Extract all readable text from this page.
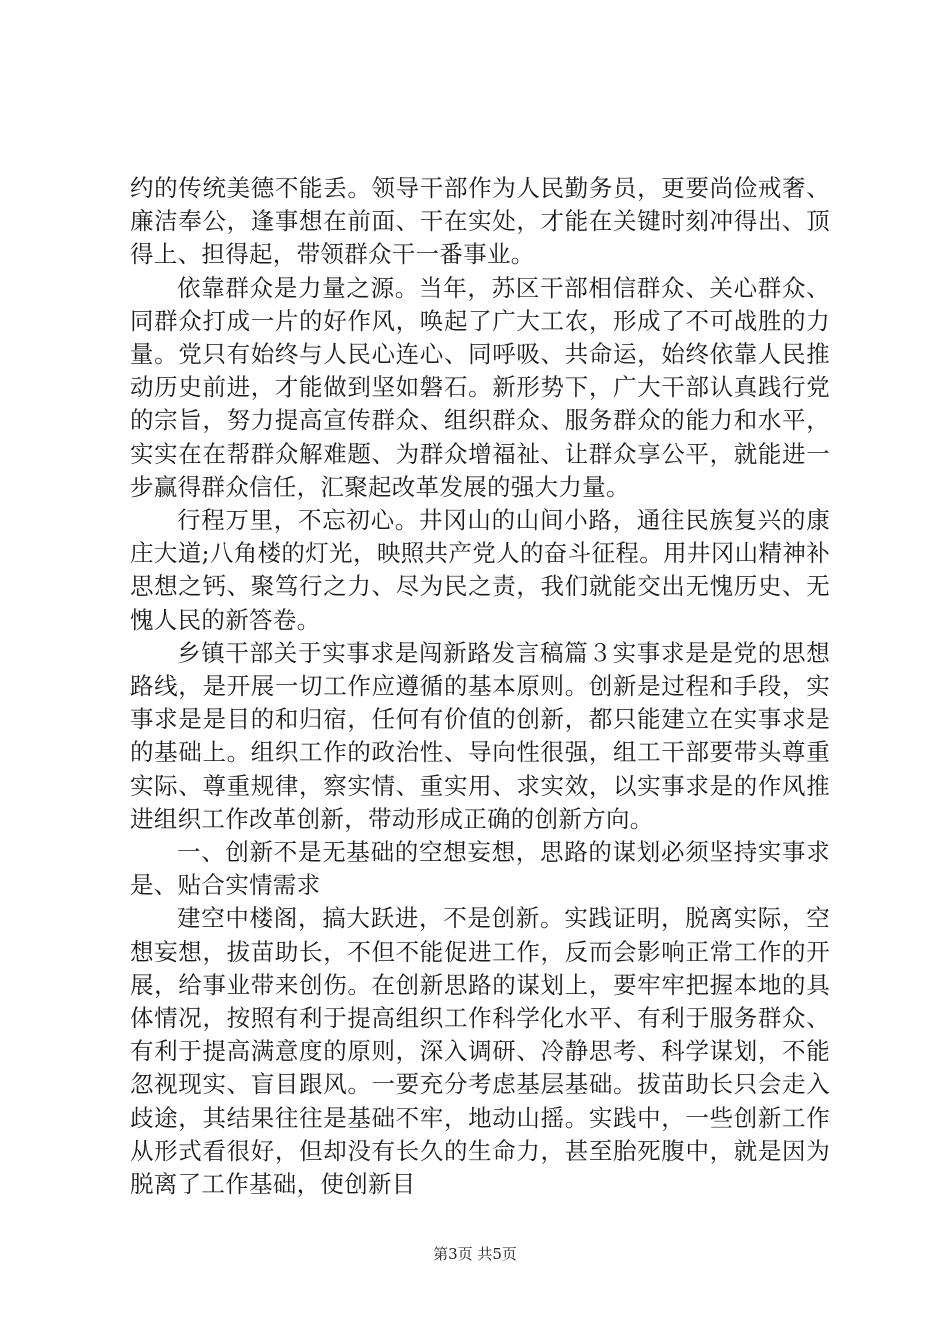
约的传统美德不能丢。领导干部作为人民勤务员，更要尚俭戒奢、廉洁奉公，逢事想在前面、干在实处，才能在关键时刻冲得出、顶得上、担得起，带领群众干一番事业。

依靠群众是力量之源。当年，苏区干部相信群众、关心群众、同群众打成一片的好作风，唤起了广大工农，形成了不可战胜的力量。党只有始终与人民心连心、同呼吸、共命运，始终依靠人民推动历史前进，才能做到坚如磐石。新形势下，广大干部认真践行党的宗旨，努力提高宣传群众、组织群众、服务群众的能力和水平，实实在在帮群众解难题、为群众增福祉、让群众享公平，就能进一步赢得群众信任，汇聚起改革发展的强大力量。

行程万里，不忘初心。井冈山的山间小路，通往民族复兴的康庄大道;八角楼的灯光，映照共产党人的奋斗征程。用井冈山精神补思想之钙、聚笃行之力、尽为民之责，我们就能交出无愧历史、无愧人民的新答卷。

乡镇干部关于实事求是闯新路发言稿篇３实事求是是党的思想路线，是开展一切工作应遵循的基本原则。创新是过程和手段，实事求是是目的和归宿，任何有价值的创新，都只能建立在实事求是的基础上。组织工作的政治性、导向性很强，组工干部要带头尊重实际、尊重规律，察实情、重实用、求实效，以实事求是的作风推进组织工作改革创新，带动形成正确的创新方向。

一、创新不是无基础的空想妄想，思路的谋划必须坚持实事求是、贴合实情需求

建空中楼阁，搞大跃进，不是创新。实践证明，脱离实际，空想妄想，拔苗助长，不但不能促进工作，反而会影响正常工作的开展，给事业带来创伤。在创新思路的谋划上，要牢牢把握本地的具体情况，按照有利于提高组织工作科学化水平、有利于服务群众、有利于提高满意度的原则，深入调研、冷静思考、科学谋划，不能忽视现实、盲目跟风。一要充分考虑基层基础。拔苗助长只会走入歧途，其结果往往是基础不牢，地动山摇。实践中，一些创新工作从形式看很好，但却没有长久的生命力，甚至胎死腹中，就是因为脱离了工作基础，使创新目

第3页 共5页
